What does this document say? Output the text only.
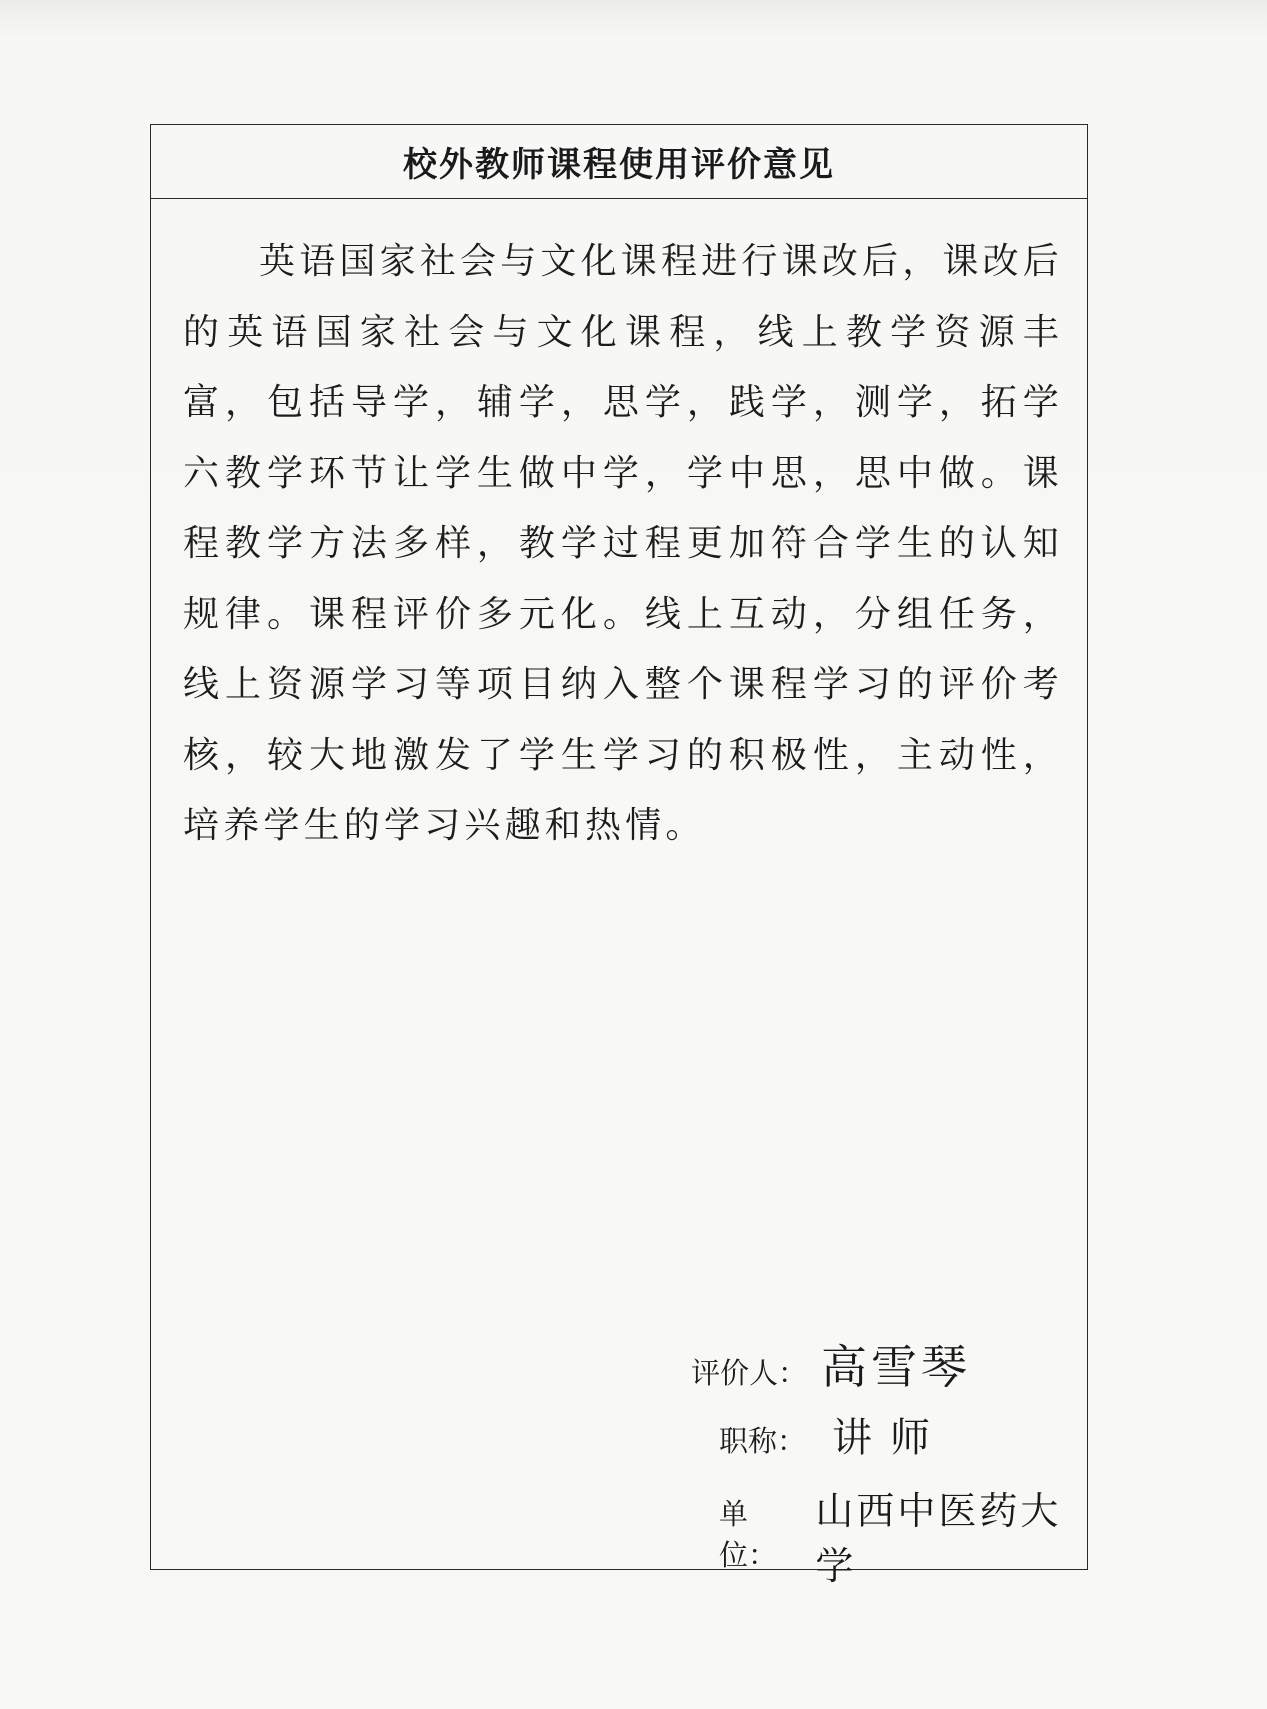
校外教师课程使用评价意见
英语国家社会与文化课程进行课改后，课改后的英语国家社会与文化课程，线上教学资源丰富，包括导学，辅学，思学，践学，测学，拓学六教学环节让学生做中学，学中思，思中做。课程教学方法多样，教学过程更加符合学生的认知规律。课程评价多元化。线上互动，分组任务，线上资源学习等项目纳入整个课程学习的评价考核，较大地激发了学生学习的积极性，主动性，培养学生的学习兴趣和热情。
评价人： 高雪琴
职称： 讲师
单位：
山西中医药大学
